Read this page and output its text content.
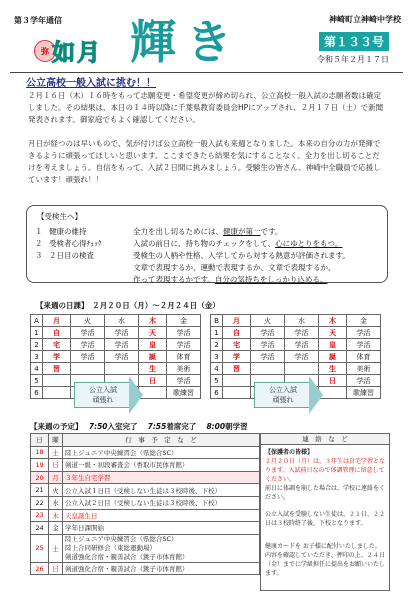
第３学年通信
弥 如月 輝き	神崎町立神崎中学校
第１３３号
令和５年２月１７日
公立高校一般入試に挑む！！
２月１６日（木）１６時をもって志願変更・希望変更が締め切られ、公立高校一般入試の志願者数は確定しました。その結果は、本日の１４時以降に千葉県教育委員会HPにアップされ、２月１７日（土）で新聞発表されます。御家庭でもよく確認してください。
月日が経つのは早いもので、気が付けば公立高校一般入試も来週となりました。本来の自分の力が発揮できるように頑張ってほしいと思います。ここまできたら結果を気にすることなく、全力を出し切ることだけを考えましょう。自信をもって、入試２日間に挑みましょう。受験生の皆さん、神崎中全職員で応援しています！頑張れ！！
【受検生へ】
１ 健康の維持	全力を出し切るためには、健康が第一です。
２ 受検者心得ﾁｪｯｸ	入試の前日に、持ち物のチェックをして、心にゆとりをもつ。
３ ２日目の検査	受検生の人柄や性格、入学してから対する熱意が評価されます。
文章で表現するか、運動で表現するか、文章で表現するか、
作って表現するかです。自分の気持ちをしっかり込める。
【来週の日課】　２月２０日（月）～２月２４日（金）
A	月	火	水	木	金
1	自	学活	学活	天	学活
2	宅	学活	学活	皇	学活
3	学	学活	学活	誕	体育
4	習			生	美術
5				日	学活
6					歌練習
B	月	火	水	木	金
1	自	学活	学活	天	学活
2	宅	学活	学活	皇	学活
3	学	学活	学活	誕	体育
4	習			生	美術
5				日	学活
6					歌練習
公立入試
頑張れ
公立入試
頑張れ
【来週の予定】　 7:50入室完了　 7:55着席完了　 8:00朝学習
日	曜	行　事　予　定　な　ど
18	土	陸上ジュニア中央練習会（県総合SC）
19	日	剣道一級・初段審査会（香取市民体育館）
20	月	３年生自宅学習
21	火	公立入試１日目（受検しない生徒は３校時後、下校）
22	水	公立入試２日目（受検しない生徒は３校時後、下校）
23	木	天皇誕生日
24	金	学年日課開始
25	土	陸上ジュニア中央練習会（県総合SC）
陸上合同研修会（東総運動場）
剣道強化合宿・親善試合（銚子市体育館）

26	日	剣道強化合宿・親善試合（銚子市体育館）
連　絡　な　ど
【保護者の皆様】
２月２０日（月）は、３年生は自宅学習となります。入試前日なので体調管理に留意してください。
前日に体調を崩した場合は、学校に連絡をください。
公立入試を受験しない生徒は、２１日、２２日は３校時終了後、下校となります。
健康カードを お子様に配付いたしました。内容を確認していただき、押印の上、２４日（金）までに学級担任に提出をお願いいたします。
